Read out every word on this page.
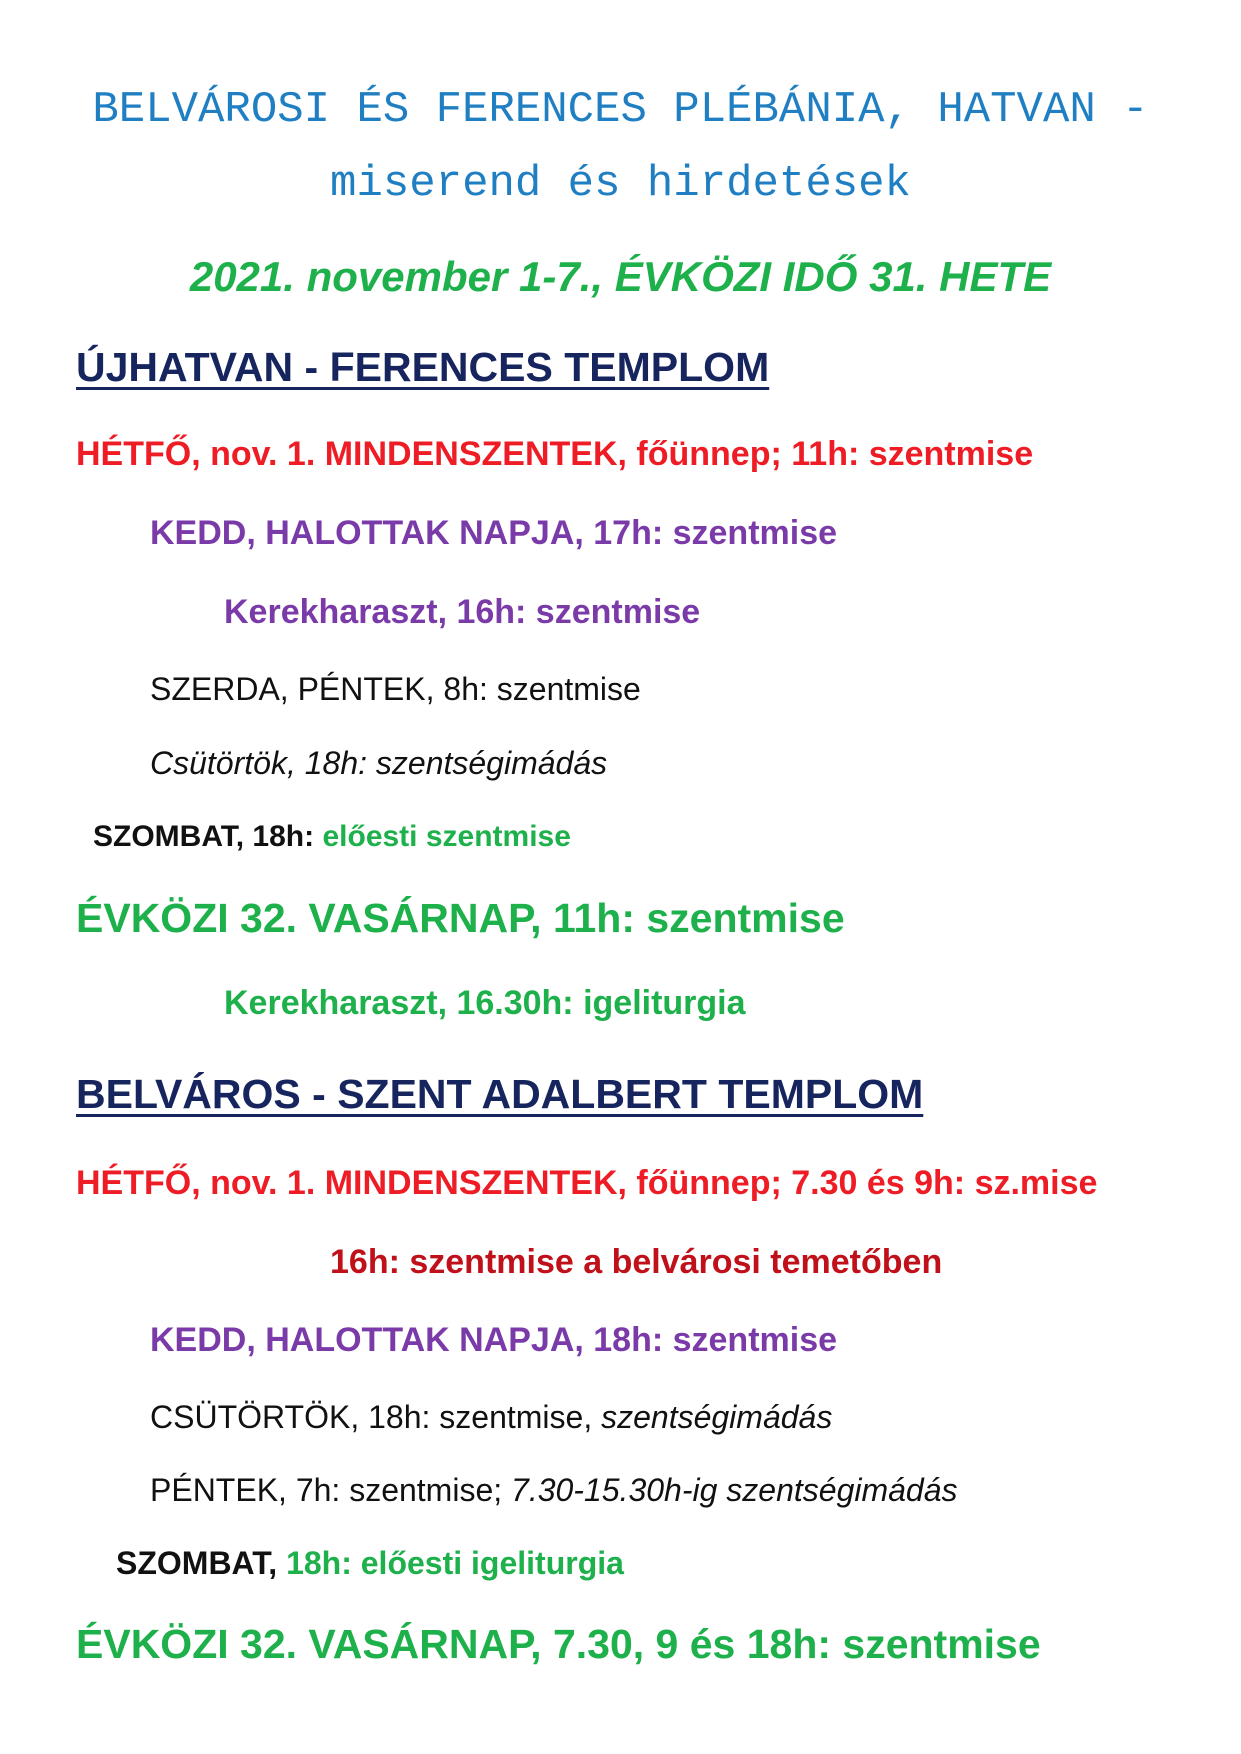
BELVÁROSI ÉS FERENCES PLÉBÁNIA, HATVAN -
miserend és hirdetések
2021. november 1-7., ÉVKÖZI IDŐ 31. HETE
ÚJHATVAN - FERENCES TEMPLOM
HÉTFŐ, nov. 1. MINDENSZENTEK, főünnep; 11h: szentmise
KEDD, HALOTTAK NAPJA, 17h: szentmise
Kerekharaszt, 16h: szentmise
SZERDA, PÉNTEK, 8h: szentmise
Csütörtök, 18h: szentségimádás
SZOMBAT, 18h: előesti szentmise
ÉVKÖZI 32. VASÁRNAP, 11h: szentmise
Kerekharaszt, 16.30h: igeliturgia
BELVÁROS - SZENT ADALBERT TEMPLOM
HÉTFŐ, nov. 1. MINDENSZENTEK, főünnep; 7.30 és 9h: sz.mise
16h: szentmise a belvárosi temetőben
KEDD, HALOTTAK NAPJA, 18h: szentmise
CSÜTÖRTÖK, 18h: szentmise, szentségimádás
PÉNTEK, 7h: szentmise; 7.30-15.30h-ig szentségimádás
SZOMBAT, 18h: előesti igeliturgia
ÉVKÖZI 32. VASÁRNAP, 7.30, 9 és 18h: szentmise
